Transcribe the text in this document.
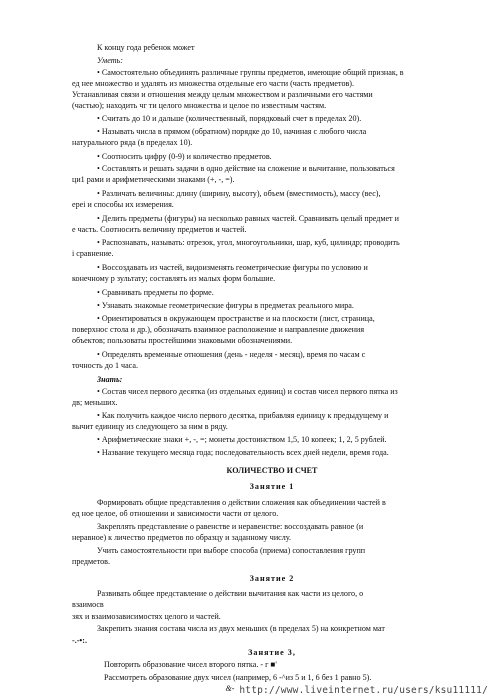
К концу года ребенок может
Уметь:
• Самостоятельно объединять различные группы предметов, имеющие общий признак, в
ед нее множество и удалять из множества отдельные его части (часть предметов).
Устанавливая связи и отношения между целым множеством и различными его частями
(частью); находить чг ти целого множества и целое по известным частям.
• Считать до 10 и дальше (количественный, порядковый счет в пределах 20).
• Называть числа в прямом (обратном) порядке до 10, начиная с любого числа
натурального ряда (в пределах 10).
• Соотносить цифру (0-9) и количество предметов.
• Составлять и решать задачи в одно действие на сложение и вычитание, пользоваться
ци1 рами и арифметическими знаками (+, -, =).
• Различать величины: длину (ширину, высоту), объем (вместимость), массу (вес),
ерei и способы их измерения.
• Делить предметы (фигуры) на несколько равных частей. Сравнивать целый предмет и
е часть. Соотносить величину предметов и частей.
• Распознавать, называть: отрезок, угол, многоугольники, шар, куб, цилиндр; проводить
і сравнение.
• Воссоздавать из частей, видоизменять геометрические фигуры по условию и
конечному р зультату; составлять из малых форм большие.
• Сравнивать предметы по форме.
• Узнавать знакомые геометрические фигуры в предметах реального мира.
• Ориентироваться в окружающем пространстве и на плоскости (лист, страница,
поверхнос стола и др.), обозначать взаимное расположение и направление движения
объектов; пользоваты простейшими знаковыми обозначениями.
• Определять временные отношения (день - неделя - месяц), время по часам с
точность до 1 часа.
Знать:
• Состав чисел первого десятка (из отдельных единиц) и состав чисел первого пятка из
дв; меньших.
• Как получить каждое число первого десятка, прибавляя единицу к предыдущему и
вычит единицу из следующего за ним в ряду.
• Арифметические знаки +, -, =; монеты достоинством 1,5, 10 копеек; 1, 2, 5 рублей.
• Название текущего месяца года; последовательность всех дней недели, время года.
КОЛИЧЕСТВО И СЧЕТ
Занятие 1
Формировать общие представления о действии сложения как объединении частей в
ед ное целое, об отношении и зависимости части от целого.
Закреплять представление о равенстве и неравенстве: воссоздавать равное (и
неравное) к личество предметов по образцу и заданному числу.
Учить самостоятельности при выборе способа (приема) сопоставления групп
предметов.
Занятие 2
Развивать общее представление о действии вычитания как части из целого, о
взаимосв
зях и взаимозависимостях целого и частей.
Закрепить знания состава числа из двух меньших (в пределах 5) на конкретном мат
-.-•:.
Занятие 3,
Повторить образование чисел второго пятка. - г ■'
Рассмотреть образование двух чисел (например, 6 -^из 5 и 1, 6 без 1 равно 5).
&- http://www.liveinternet.ru/users/ksu11111/
